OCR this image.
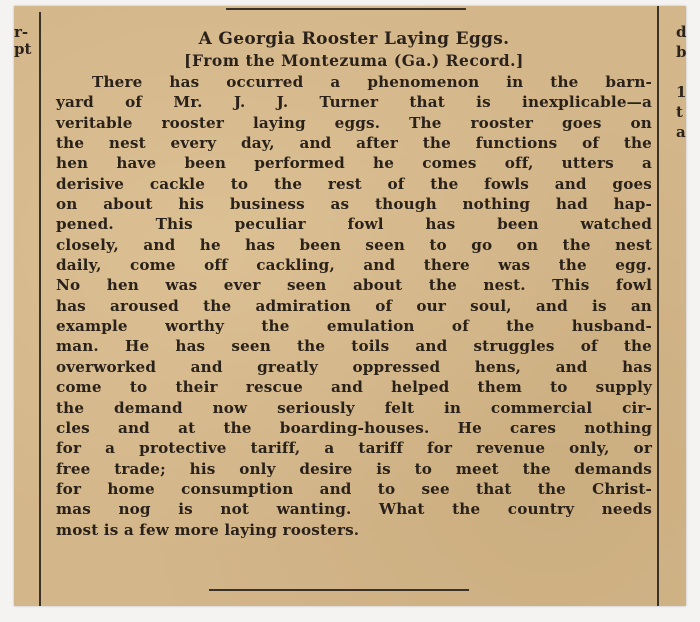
r-
pt
d
b
1
t
a
A Georgia Rooster Laying Eggs.

[From the Montezuma (Ga.) Record.]

There has occurred a phenomenon in the barn-
yard of Mr. J. J. Turner that is inexplicable—a
veritable rooster laying eggs. The rooster goes on
the nest every day, and after the functions of the
hen have been performed he comes off, utters a
derisive cackle to the rest of the fowls and goes
on about his business as though nothing had hap-
pened. This peculiar fowl has been watched
closely, and he has been seen to go on the nest
daily, come off cackling, and there was the egg.
No hen was ever seen about the nest. This fowl
has aroused the admiration of our soul, and is an
example worthy the emulation of the husband-
man. He has seen the toils and struggles of the
overworked and greatly oppressed hens, and has
come to their rescue and helped them to supply
the demand now seriously felt in commercial cir-
cles and at the boarding-houses. He cares nothing
for a protective tariff, a tariff for revenue only, or
free trade; his only desire is to meet the demands
for home consumption and to see that the Christ-
mas nog is not wanting. What the country needs
most is a few more laying roosters.
